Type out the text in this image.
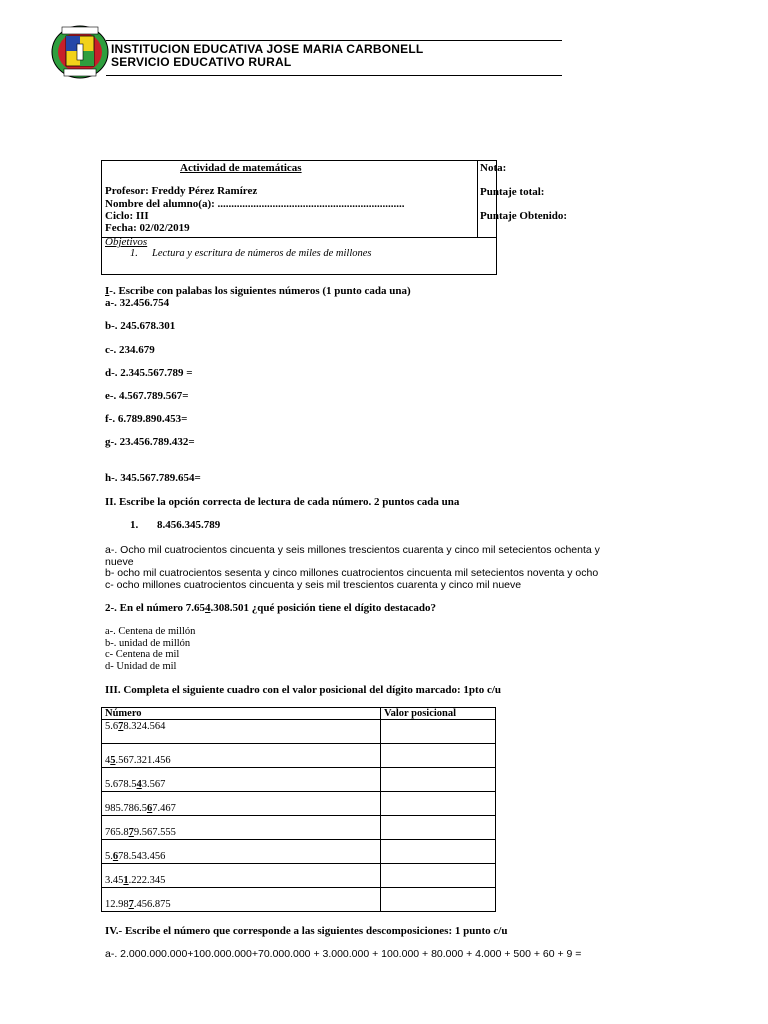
INSTITUCION EDUCATIVA JOSE MARIA CARBONELL
SERVICIO EDUCATIVO RURAL
Actividad de matemáticas
Profesor: Freddy Pérez Ramírez
Nombre del alumno(a): ....................................................................
Ciclo: III
Fecha: 02/02/2019
Nota:
Puntaje total:
Puntaje Obtenido:
Objetivos
1. Lectura y escritura de números de miles de millones
I-. Escribe con palabas los siguientes números (1 punto cada una)
a-. 32.456.754
b-. 245.678.301
c-. 234.679
d-. 2.345.567.789 =
e-. 4.567.789.567=
f-. 6.789.890.453=
g-. 23.456.789.432=
h-. 345.567.789.654=
II. Escribe la opción correcta de lectura de cada número. 2 puntos cada una
1. 8.456.345.789
a-. Ocho mil cuatrocientos cincuenta y seis millones trescientos cuarenta y cinco mil setecientos ochenta y
nueve
b- ocho mil cuatrocientos sesenta y cinco millones cuatrocientos cincuenta mil setecientos noventa y ocho
c- ocho millones cuatrocientos cincuenta y seis mil trescientos cuarenta y cinco mil nueve
2-. En el número 7.654.308.501 ¿qué posición tiene el dígito destacado?
a-. Centena de millón
b-. unidad de millón
c- Centena de mil
d- Unidad de mil
III. Completa el siguiente cuadro con el valor posicional del dígito marcado: 1pto c/u
Número	Valor posicional
5.678.324.564	
45.567.321.456	
5.678.543.567	
985.786.567.467	
765.879.567.555	
5.678.543.456	
3.451.222.345	
12.987.456.875	
IV.- Escribe el número que corresponde a las siguientes descomposiciones: 1 punto c/u
a-. 2.000.000.000+100.000.000+70.000.000 + 3.000.000 + 100.000 + 80.000 + 4.000 + 500 + 60 + 9 =
